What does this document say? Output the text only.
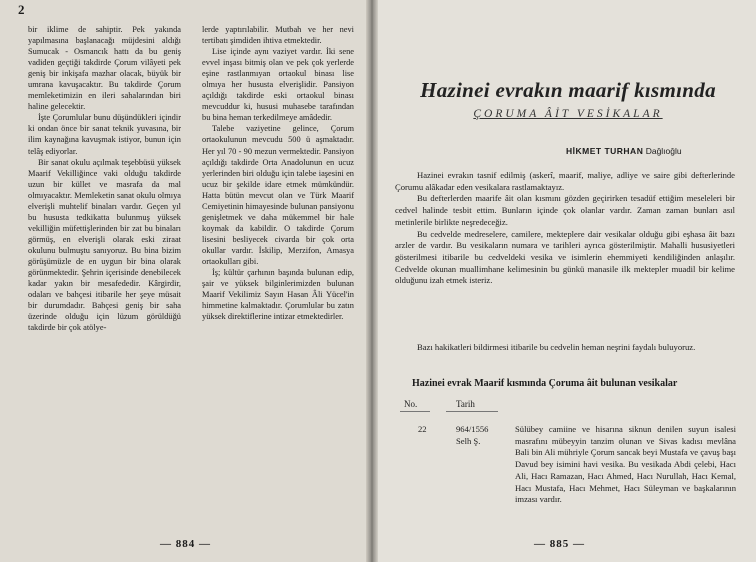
2

bir iklime de sahiptir. Pek yakında yapılmasına başlanacağı müjdesini aldığı Sumucak - Osmancık hattı da bu geniş vadiden geçtiği takdirde Çorum vilâyeti pek geniş bir inkişafa mazhar olacak, büyük bir umrana kavuşacaktır. Bu takdirde Çorum memleketimizin en ileri sahalarından biri haline gelecektir.

İşte Çorumlular bunu düşündükleri içindir ki ondan önce bir sanat teknik yuvasına, bir ilim kaynağına kavuşmak istiyor, bunun için telâş ediyorlar.

Bir sanat okulu açılmak teşebbüsü yüksek Maarif Vekilliğince vaki olduğu takdirde uzun bir küllet ve masrafa da mal olmıyacaktır. Memleketin sanat okulu olmıya elverişli muhtelif binaları vardır. Geçen yıl bu hususta tedkikatta bulunmuş yüksek vekilliğin müfettişlerinden bir zat bu binaları görmüş, en elverişli olarak eski ziraat okulunu bulmuştu sanıyoruz. Bu bina bizim görüşümüzle de en uygun bir bina olarak görünmektedir. Şehrin içerisinde denebilecek kadar yakın bir mesafededir. Kârgirdir, odaları ve bahçesi itibarile her şeye müsait bir durumdadır. Bahçesi geniş bir saha üzerinde olduğu için lüzum görüldüğü takdirde bir çok atölye-

lerde yaptırılabilir. Mutbah ve her nevi tertibatı şimdiden ihtiva etmektedir.

Lise içinde aynı vaziyet vardır. İki sene evvel inşası bitmiş olan ve pek çok yerlerde eşine rastlanmıyan ortaokul binası lise olmıya her hususta elverişlidir. Pansiyon açıldığı takdirde eski ortaokul binası mevcuddur ki, hususi muhasebe tarafından bu bina heman terkedilmeye amâdedir.

Talebe vaziyetine gelince, Çorum ortaokulunun mevcudu 500 ü aşmaktadır. Her yıl 70 - 90 mezun vermektedir. Pansiyon açıldığı takdirde Orta Anadolunun en ucuz yerlerinden biri olduğu için talebe iaşesini en ucuz bir şekilde idare etmek mümkündür. Hatta bütün mevcut olan ve Türk Maarif Cemiyetinin himayesinde bulunan pansiyonu genişletmek ve daha mükemmel bir hale koymak da kabildir. O takdirde Çorum lisesini besliyecek civarda bir çok orta okullar vardır. İskilip, Merzifon, Amasya ortaokulları gibi.

İş; kültür çarhının başında bulunan edip, şair ve yüksek bilginlerimizden bulunan Maarif Vekilimiz Sayın Hasan Âli Yücel'in himmetine kalmaktadır. Çorumlular bu zatın yüksek direktiflerine intizar etmektedirler.

— 884 —
Hazinei evrakın maarif kısmında
ÇORUMA ÂİT VESİKALAR
HİKMET TURHAN Dağlıoğlu

Hazinei evrakın tasnif edilmiş (askerî, maarif, maliye, adliye ve saire gibi defterlerinde Çorumu alâkadar eden vesikalara rastlamaktayız.

Bu defterlerden maarife âit olan kısmını gözden geçirirken tesadüf ettiğim meseleleri bir cedvel halinde tesbit ettim. Bunların içinde çok olanlar vardır. Zaman zaman bunları asıl metinlerile birlikte neşredeceğiz.

Bu cedvelde medreselere, camilere, mekteplere dair vesikalar olduğu gibi eşhasa âit bazı arzler de vardır. Bu vesikaların numara ve tarihleri ayrıca gösterilmiştir. Mahalli hususiyetleri gösterilmesi itibarile bu cedveldeki vesika ve isimlerin ehemmiyeti kendiliğinden anlaşılır. Cedvelde okunan muallimhane kelimesinin bu günkü manasile ilk mektepler muadil bir kelime olduğunu izah etmek isteriz.

Bazı hakikatleri bildirmesi itibarile bu cedvelin heman neşrini faydalı buluyoruz.

Hazinei evrak Maarif kısmında Çoruma âit bulunan vesikalar
No.	Tarih
22	964/1556
Selh Ş.
Sülübey camiine ve hisarına siknun denilen suyun isalesi masrafını mübeyyin tanzim olunan ve Sivas kadısı mevlâna Bali bin Ali mühriyle Çorum sancak beyi Mustafa ve çavuş başı Davud bey isimini havi vesika. Bu vesikada Abdi çelebi, Hacı Ali, Hacı Ramazan, Hacı Ahmed, Hacı Nurullah, Hacı Kemal, Hacı Mustafa, Hacı Mehmet, Hacı Süleyman ve başkalarının imzası vardır.
— 885 —
